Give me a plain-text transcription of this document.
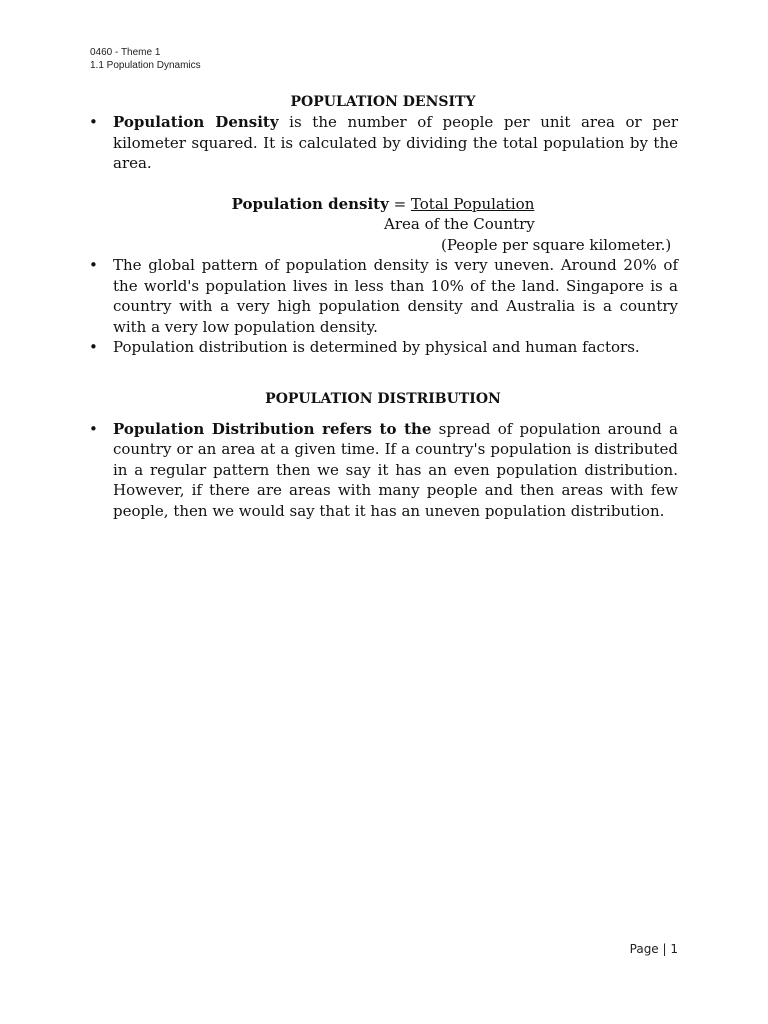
0460 - Theme 1
1.1 Population Dynamics
POPULATION DENSITY
• Population Density is the number of people per unit area or per kilometer squared. It is calculated by dividing the total population by the area.
Population density = Total Population
Area of the Country
(People per square kilometer.)
• The global pattern of population density is very uneven. Around 20% of the world's population lives in less than 10% of the land. Singapore is a country with a very high population density and Australia is a country with a very low population density.
• Population distribution is determined by physical and human factors.
POPULATION DISTRIBUTION
• Population Distribution refers to the spread of population around a country or an area at a given time. If a country's population is distributed in a regular pattern then we say it has an even population distribution. However, if there are areas with many people and then areas with few people, then we would say that it has an uneven population distribution.
Page | 1
